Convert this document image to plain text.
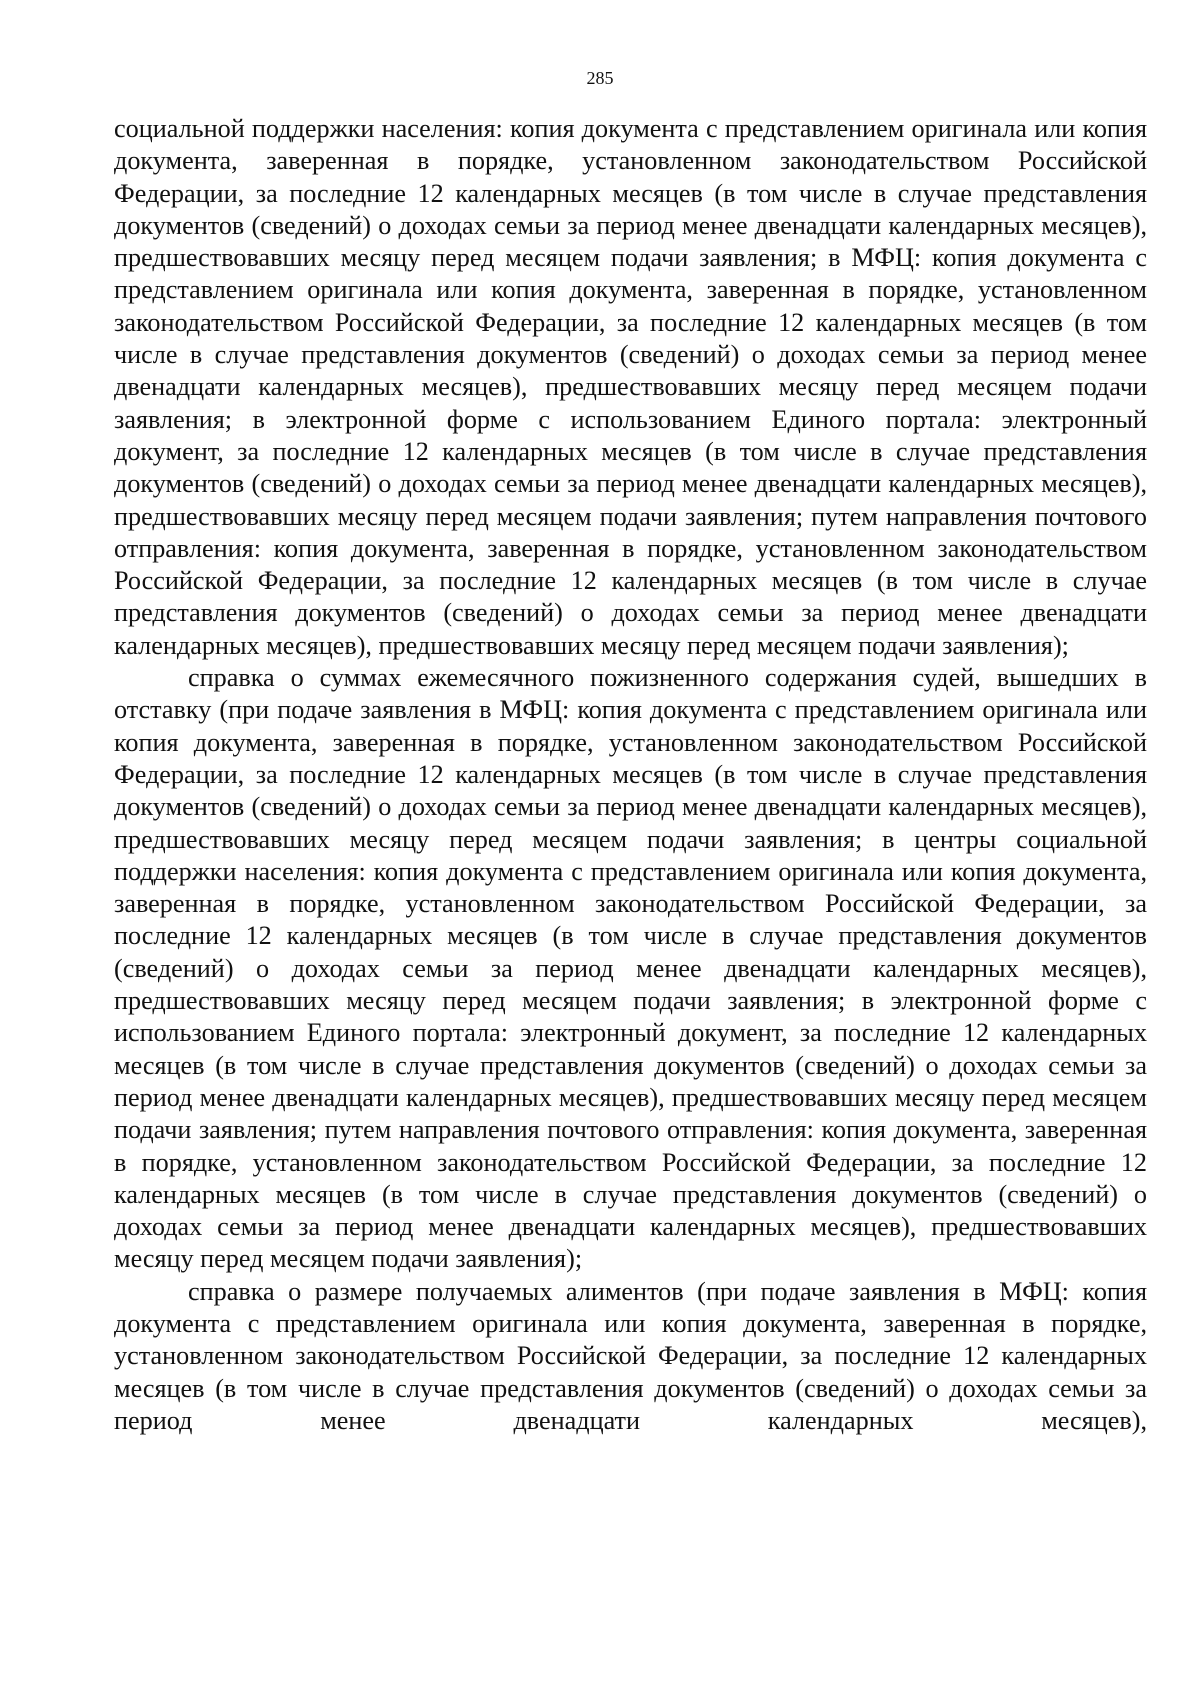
285

социальной поддержки населения: копия документа с представлением оригинала или копия документа, заверенная в порядке, установленном законодательством Российской Федерации, за последние 12 календарных месяцев (в том числе в случае представления документов (сведений) о доходах семьи за период менее двенадцати календарных месяцев), предшествовавших месяцу перед месяцем подачи заявления; в МФЦ: копия документа с представлением оригинала или копия документа, заверенная в порядке, установленном законодательством Российской Федерации, за последние 12 календарных месяцев (в том числе в случае представления документов (сведений) о доходах семьи за период менее двенадцати календарных месяцев), предшествовавших месяцу перед месяцем подачи заявления; в электронной форме с использованием Единого портала: электронный документ, за последние 12 календарных месяцев (в том числе в случае представления документов (сведений) о доходах семьи за период менее двенадцати календарных месяцев), предшествовавших месяцу перед месяцем подачи заявления; путем направления почтового отправления: копия документа, заверенная в порядке, установленном законодательством Российской Федерации, за последние 12 календарных месяцев (в том числе в случае представления документов (сведений) о доходах семьи за период менее двенадцати календарных месяцев), предшествовавших месяцу перед месяцем подачи заявления);

справка о суммах ежемесячного пожизненного содержания судей, вышедших в отставку (при подаче заявления в МФЦ: копия документа с представлением оригинала или копия документа, заверенная в порядке, установленном законодательством Российской Федерации, за последние 12 календарных месяцев (в том числе в случае представления документов (сведений) о доходах семьи за период менее двенадцати календарных месяцев), предшествовавших месяцу перед месяцем подачи заявления; в центры социальной поддержки населения: копия документа с представлением оригинала или копия документа, заверенная в порядке, установленном законодательством Российской Федерации, за последние 12 календарных месяцев (в том числе в случае представления документов (сведений) о доходах семьи за период менее двенадцати календарных месяцев), предшествовавших месяцу перед месяцем подачи заявления; в электронной форме с использованием Единого портала: электронный документ, за последние 12 календарных месяцев (в том числе в случае представления документов (сведений) о доходах семьи за период менее двенадцати календарных месяцев), предшествовавших месяцу перед месяцем подачи заявления; путем направления почтового отправления: копия документа, заверенная в порядке, установленном законодательством Российской Федерации, за последние 12 календарных месяцев (в том числе в случае представления документов (сведений) о доходах семьи за период менее двенадцати календарных месяцев), предшествовавших месяцу перед месяцем подачи заявления);

справка о размере получаемых алиментов (при подаче заявления в МФЦ: копия документа с представлением оригинала или копия документа, заверенная в порядке, установленном законодательством Российской Федерации, за последние 12 календарных месяцев (в том числе в случае представления документов (сведений) о доходах семьи за период менее двенадцати календарных месяцев),
